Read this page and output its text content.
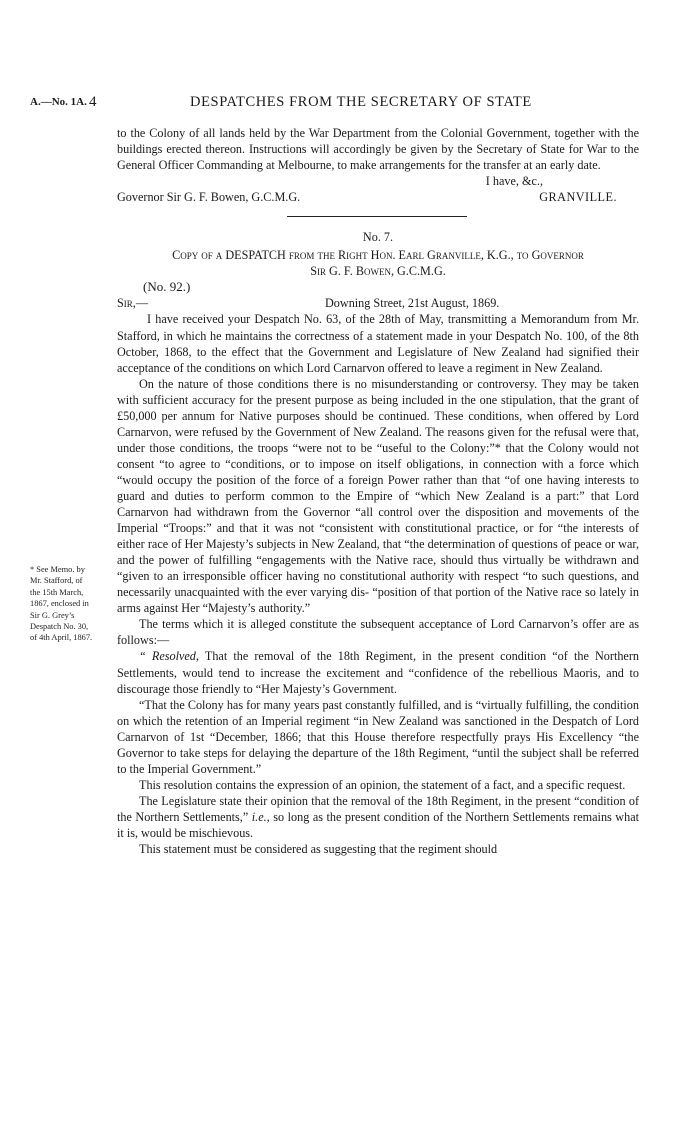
A.—No. 1A. 4	DESPATCHES FROM THE SECRETARY OF STATE
* See Memo. by
Mr. Stafford, of
the 15th March,
1867, enclosed in
Sir G. Grey’s
Despatch No. 30,
of 4th April, 1867.

to the Colony of all lands held by the War Department from the Colonial Government, together with the buildings erected thereon. Instructions will accordingly be given by the Secretary of State for War to the General Officer Commanding at Melbourne, to make arrangements for the transfer at an early date.

I have, &c.,

Governor Sir G. F. Bowen, G.C.M.G.	GRANVILLE.

No. 7.

Copy of a DESPATCH from the Right Hon. Earl Granville, K.G., to Governor

Sir G. F. Bowen, G.C.M.G.

(No. 92.)

Sir,—	Downing Street, 21st August, 1869.

I have received your Despatch No. 63, of the 28th of May, transmitting a Memorandum from Mr. Stafford, in which he maintains the correctness of a statement made in your Despatch No. 100, of the 8th October, 1868, to the effect that the Government and Legislature of New Zealand had signified their acceptance of the conditions on which Lord Carnarvon offered to leave a regiment in New Zealand.

On the nature of those conditions there is no misunderstanding or controversy. They may be taken with sufficient accuracy for the present purpose as being included in the one stipulation, that the grant of £50,000 per annum for Native purposes should be continued. These conditions, when offered by Lord Carnarvon, were refused by the Government of New Zealand. The reasons given for the refusal were that, under those conditions, the troops “were not to be “useful to the Colony:”* that the Colony would not consent “to agree to “conditions, or to impose on itself obligations, in connection with a force which “would occupy the position of the force of a foreign Power rather than that “of one having interests to guard and duties to perform common to the Empire of “which New Zealand is a part:” that Lord Carnarvon had withdrawn from the Governor “all control over the disposition and movements of the Imperial “Troops:” and that it was not “consistent with constitutional practice, or for “the interests of either race of Her Majesty’s subjects in New Zealand, that “the determination of questions of peace or war, and the power of fulfilling “engagements with the Native race, should thus virtually be withdrawn and “given to an irresponsible officer having no constitutional authority with respect “to such questions, and necessarily unacquainted with the ever varying dis- “position of that portion of the Native race so lately in arms against Her “Majesty’s authority.”

The terms which it is alleged constitute the subsequent acceptance of Lord Carnarvon’s offer are as follows:—

“ Resolved, That the removal of the 18th Regiment, in the present condition “of the Northern Settlements, would tend to increase the excitement and “confidence of the rebellious Maoris, and to discourage those friendly to “Her Majesty’s Government.

“That the Colony has for many years past constantly fulfilled, and is “virtually fulfilling, the condition on which the retention of an Imperial regiment “in New Zealand was sanctioned in the Despatch of Lord Carnarvon of 1st “December, 1866; that this House therefore respectfully prays His Excellency “the Governor to take steps for delaying the departure of the 18th Regiment, “until the subject shall be referred to the Imperial Government.”

This resolution contains the expression of an opinion, the statement of a fact, and a specific request.

The Legislature state their opinion that the removal of the 18th Regiment, in the present “condition of the Northern Settlements,” i.e., so long as the present condition of the Northern Settlements remains what it is, would be mischievous.

This statement must be considered as suggesting that the regiment should
